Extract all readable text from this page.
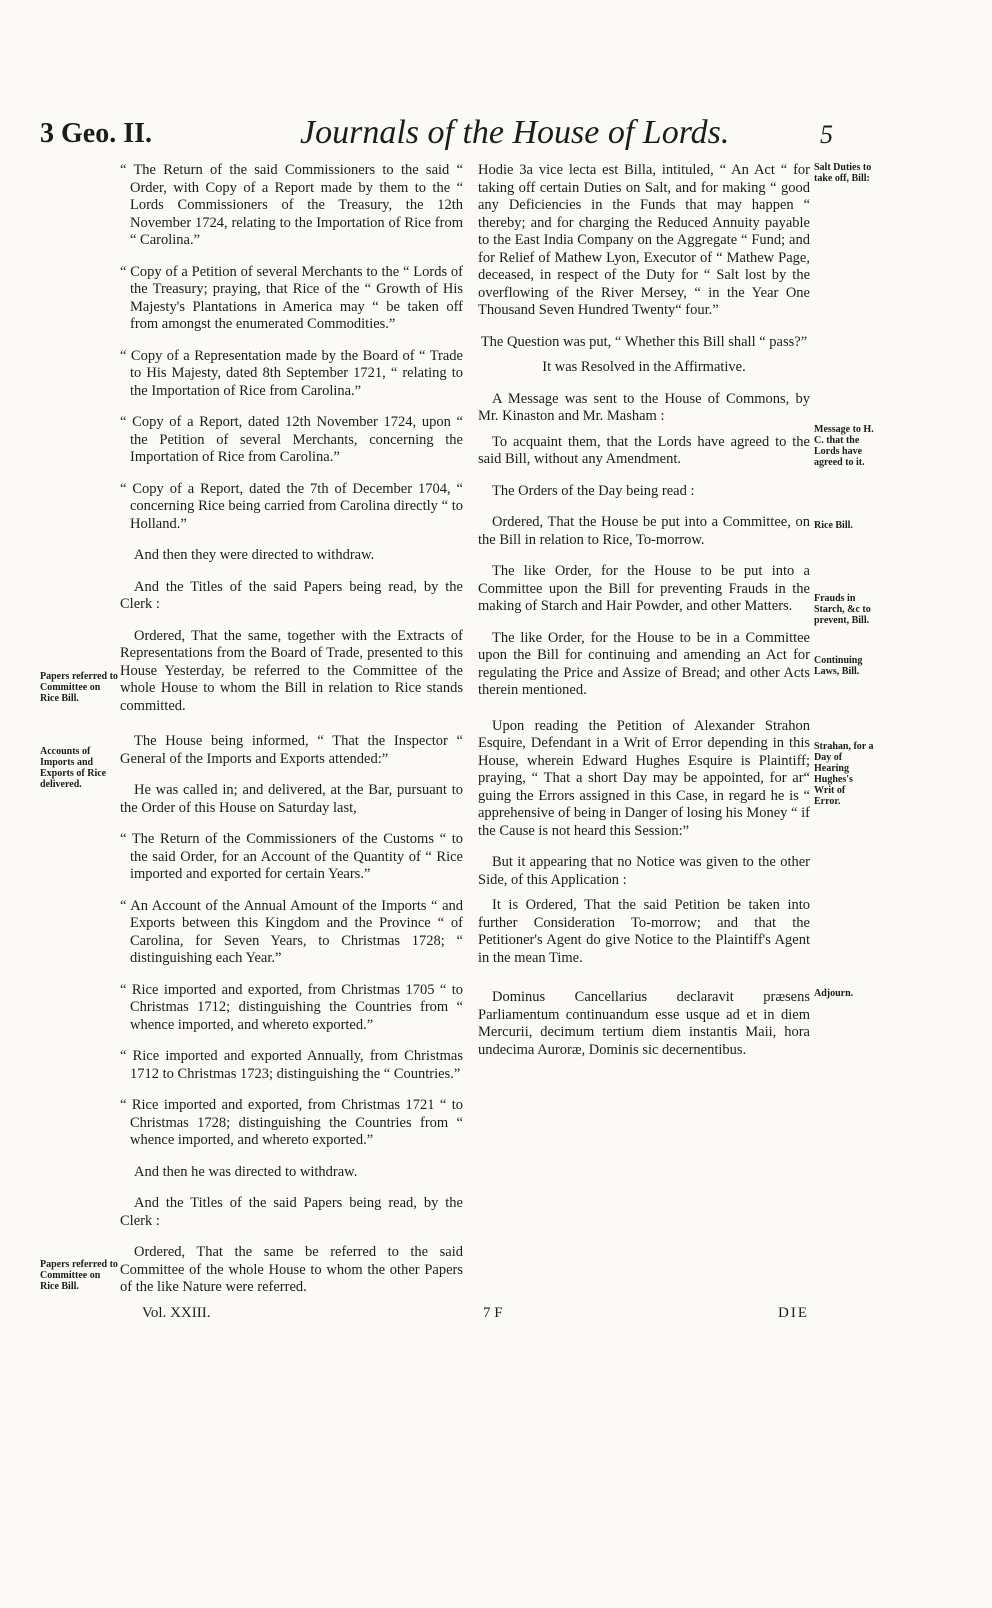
3 Geo. II.	Journals of the House of Lords.	5
Papers referred to Committee on Rice Bill.
Accounts of Imports and Exports of Rice delivered.
Papers referred to Committee on Rice Bill.
Salt Duties to take off, Bill:
Message to H. C. that the Lords have agreed to it.
Rice Bill.
Frauds in Starch, &c to prevent, Bill.
Continuing Laws, Bill.
Strahan, for a Day of Hearing Hughes's Writ of Error.
Adjourn.

“ The Return of the said Commissioners to the said “ Order, with Copy of a Report made by them to the “ Lords Commissioners of the Treasury, the 12th November 1724, relating to the Importation of Rice from “ Carolina.”

“ Copy of a Petition of several Merchants to the “ Lords of the Treasury; praying, that Rice of the “ Growth of His Majesty's Plantations in America may “ be taken off from amongst the enumerated Commodities.”

“ Copy of a Representation made by the Board of “ Trade to His Majesty, dated 8th September 1721, “ relating to the Importation of Rice from Carolina.”

“ Copy of a Report, dated 12th November 1724, upon “ the Petition of several Merchants, concerning the Importation of Rice from Carolina.”

“ Copy of a Report, dated the 7th of December 1704, “ concerning Rice being carried from Carolina directly “ to Holland.”

And then they were directed to withdraw.

And the Titles of the said Papers being read, by the Clerk :

Ordered, That the same, together with the Extracts of Representations from the Board of Trade, presented to this House Yesterday, be referred to the Committee of the whole House to whom the Bill in relation to Rice stands committed.

The House being informed, “ That the Inspector “ General of the Imports and Exports attended:”

He was called in; and delivered, at the Bar, pursuant to the Order of this House on Saturday last,

“ The Return of the Commissioners of the Customs “ to the said Order, for an Account of the Quantity of “ Rice imported and exported for certain Years.”

“ An Account of the Annual Amount of the Imports “ and Exports between this Kingdom and the Province “ of Carolina, for Seven Years, to Christmas 1728; “ distinguishing each Year.”

“ Rice imported and exported, from Christmas 1705 “ to Christmas 1712; distinguishing the Countries from “ whence imported, and whereto exported.”

“ Rice imported and exported Annually, from Christmas 1712 to Christmas 1723; distinguishing the “ Countries.”

“ Rice imported and exported, from Christmas 1721 “ to Christmas 1728; distinguishing the Countries from “ whence imported, and whereto exported.”

And then he was directed to withdraw.

And the Titles of the said Papers being read, by the Clerk :

Ordered, That the same be referred to the said Committee of the whole House to whom the other Papers of the like Nature were referred.

Hodie 3a vice lecta est Billa, intituled, “ An Act “ for taking off certain Duties on Salt, and for making “ good any Deficiencies in the Funds that may happen “ thereby; and for charging the Reduced Annuity payable to the East India Company on the Aggregate “ Fund; and for Relief of Mathew Lyon, Executor of “ Mathew Page, deceased, in respect of the Duty for “ Salt lost by the overflowing of the River Mersey, “ in the Year One Thousand Seven Hundred Twenty“ four.”

The Question was put, “ Whether this Bill shall “ pass?”

It was Resolved in the Affirmative.

A Message was sent to the House of Commons, by Mr. Kinaston and Mr. Masham :

To acquaint them, that the Lords have agreed to the said Bill, without any Amendment.

The Orders of the Day being read :

Ordered, That the House be put into a Committee, on the Bill in relation to Rice, To-morrow.

The like Order, for the House to be put into a Committee upon the Bill for preventing Frauds in the making of Starch and Hair Powder, and other Matters.

The like Order, for the House to be in a Committee upon the Bill for continuing and amending an Act for regulating the Price and Assize of Bread; and other Acts therein mentioned.

Upon reading the Petition of Alexander Strahon Esquire, Defendant in a Writ of Error depending in this House, wherein Edward Hughes Esquire is Plaintiff; praying, “ That a short Day may be appointed, for ar“ guing the Errors assigned in this Case, in regard he is “ apprehensive of being in Danger of losing his Money “ if the Cause is not heard this Session:”

But it appearing that no Notice was given to the other Side, of this Application :

It is Ordered, That the said Petition be taken into further Consideration To-morrow; and that the Petitioner's Agent do give Notice to the Plaintiff's Agent in the mean Time.

Dominus Cancellarius declaravit præsens Parliamentum continuandum esse usque ad et in diem Mercurii, decimum tertium diem instantis Maii, hora undecima Auroræ, Dominis sic decernentibus.

Vol. XXIII.	7 F	DIE
